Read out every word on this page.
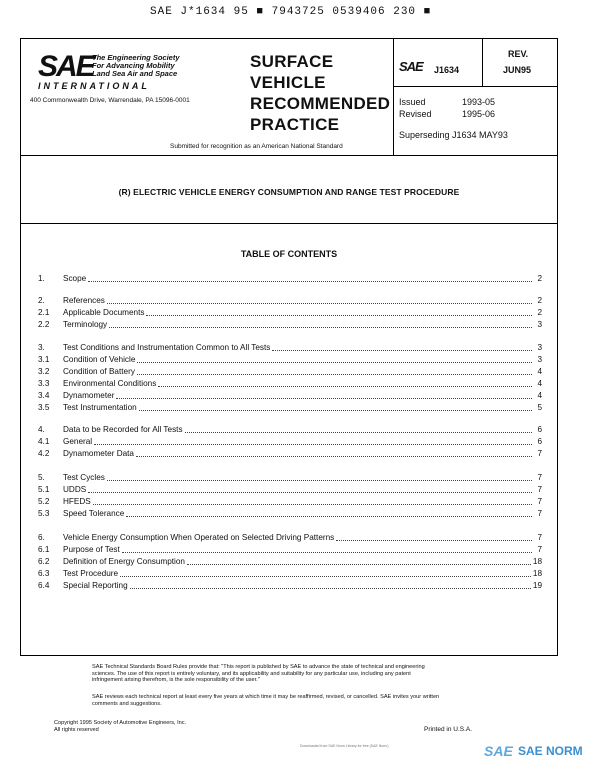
SAE J*1634 95 ■ 7943725 0539406 230 ■
SAE
The Engineering Society
For Advancing Mobility
Land Sea Air and Space
INTERNATIONAL
400 Commonwealth Drive, Warrendale, PA 15096-0001
SURFACE
VEHICLE
RECOMMENDED
PRACTICE
Submitted for recognition as an American National Standard
SAE J1634
REV.
JUN95
Issued	1993-05
Revised	1995-06
Superseding J1634 MAY93
(R) ELECTRIC VEHICLE ENERGY CONSUMPTION AND RANGE TEST PROCEDURE
TABLE OF CONTENTS
1.	Scope	2
2.	References	2
2.1	Applicable Documents	2
2.2	Terminology	3
3.	Test Conditions and Instrumentation Common to All Tests	3
3.1	Condition of Vehicle	3
3.2	Condition of Battery	4
3.3	Environmental Conditions	4
3.4	Dynamometer	4
3.5	Test Instrumentation	5
4.	Data to be Recorded for All Tests	6
4.1	General	6
4.2	Dynamometer Data	7
5.	Test Cycles	7
5.1	UDDS	7
5.2	HFEDS	7
5.3	Speed Tolerance	7
6.	Vehicle Energy Consumption When Operated on Selected Driving Patterns	7
6.1	Purpose of Test	7
6.2	Definition of Energy Consumption	18
6.3	Test Procedure	18
6.4	Special Reporting	19
SAE Technical Standards Board Rules provide that: "This report is published by SAE to advance the state of technical and engineering
sciences. The use of this report is entirely voluntary, and its applicability and suitability for any particular use, including any patent
infringement arising therefrom, is the sole responsibility of the user."
SAE reviews each technical report at least every five years at which time it may be reaffirmed, revised, or cancelled. SAE invites your written
comments and suggestions.
Copyright 1995 Society of Automotive Engineers, Inc.
All rights reserved	Printed in U.S.A.
Downloaded from SAE Norm Library for free (SAE Norm)	SAE SAE NORM
